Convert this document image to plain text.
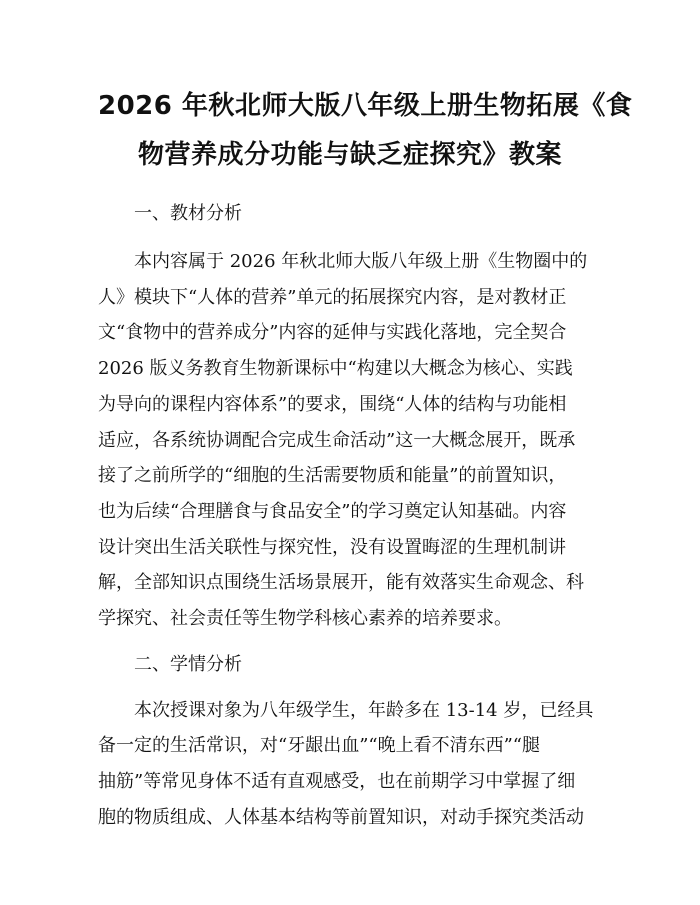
2026 年秋北师大版八年级上册生物拓展《食
物营养成分功能与缺乏症探究》教案
一、教材分析
本内容属于 2026 年秋北师大版八年级上册《生物圈中的
人》模块下“人体的营养”单元的拓展探究内容，是对教材正
文“食物中的营养成分”内容的延伸与实践化落地，完全契合
2026 版义务教育生物新课标中“构建以大概念为核心、实践
为导向的课程内容体系”的要求，围绕“人体的结构与功能相
适应，各系统协调配合完成生命活动”这一大概念展开，既承
接了之前所学的“细胞的生活需要物质和能量”的前置知识，
也为后续“合理膳食与食品安全”的学习奠定认知基础。内容
设计突出生活关联性与探究性，没有设置晦涩的生理机制讲
解，全部知识点围绕生活场景展开，能有效落实生命观念、科
学探究、社会责任等生物学科核心素养的培养要求。
二、学情分析
本次授课对象为八年级学生，年龄多在 13-14 岁，已经具
备一定的生活常识，对“牙龈出血”“晚上看不清东西”“腿
抽筋”等常见身体不适有直观感受，也在前期学习中掌握了细
胞的物质组成、人体基本结构等前置知识，对动手探究类活动
